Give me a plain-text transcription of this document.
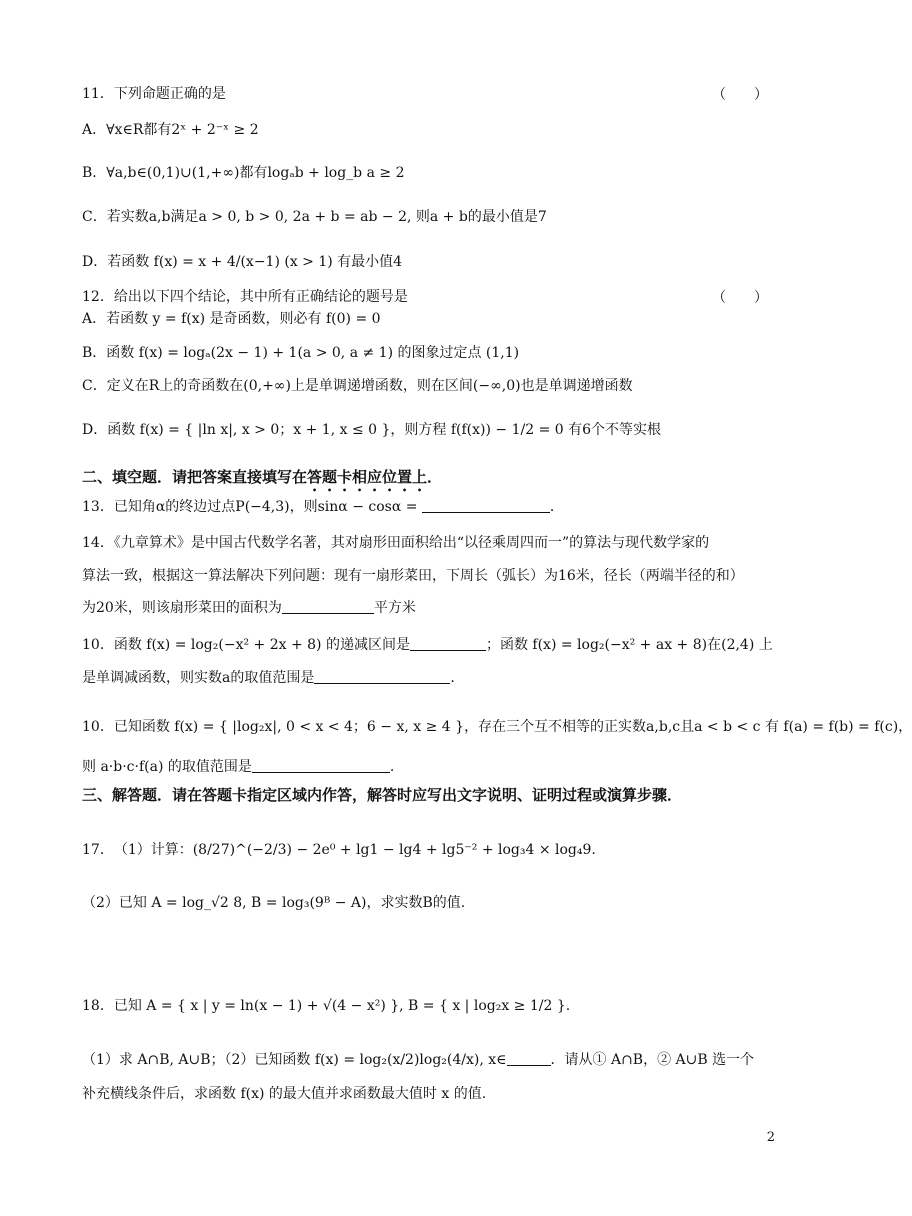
11．下列命题正确的是	（　　）
A．∀x∈R都有2ˣ + 2⁻ˣ ≥ 2
B．∀a,b∈(0,1)∪(1,+∞)都有logₐb + log_b a ≥ 2
C．若实数a,b满足a > 0, b > 0, 2a + b = ab − 2, 则a + b的最小值是7
D．若函数 f(x) = x + 4/(x−1) (x > 1) 有最小值4
12．给出以下四个结论，其中所有正确结论的题号是	（　　）
A．若函数 y = f(x) 是奇函数，则必有 f(0) = 0
B．函数 f(x) = logₐ(2x − 1) + 1(a > 0, a ≠ 1) 的图象过定点 (1,1)
C．定义在R上的奇函数在(0,+∞)上是单调递增函数，则在区间(−∞,0)也是单调递增函数
D．函数 f(x) = { |ln x|, x > 0；x + 1, x ≤ 0 }，则方程 f(f(x)) − 1/2 = 0 有6个不等实根
二、填空题．请把答案直接填写在答题卡相应位置上．
13．已知角α的终边过点P(−4,3)，则sinα − cosα =	．
14．《九章算术》是中国古代数学名著，其对扇形田面积给出“以径乘周四而一”的算法与现代数学家的
算法一致，根据这一算法解决下列问题：现有一扇形菜田，下周长（弧长）为16米，径长（两端半径的和）
为20米，则该扇形菜田的面积为	平方米
10．函数 f(x) = log₂(−x² + 2x + 8) 的递减区间是	；函数 f(x) = log₂(−x² + ax + 8)在(2,4) 上
是单调减函数，则实数a的取值范围是	.
10．已知函数 f(x) = { |log₂x|, 0 < x < 4；6 − x, x ≥ 4 }，存在三个互不相等的正实数a,b,c且a < b < c 有 f(a) = f(b) = f(c)，
则 a·b·c·f(a) 的取值范围是	.
三、解答题．请在答题卡指定区域内作答，解答时应写出文字说明、证明过程或演算步骤．
17．　（1）计算：(8/27)^(−2/3) − 2e⁰ + lg1 − lg4 + lg5⁻² + log₃4 × log₄9.
（2）已知 A = log_√2 8, B = log₃(9ᴮ − A)，求实数B的值.
18．已知 A = { x | y = ln(x − 1) + √(4 − x²) }, B = { x | log₂x ≥ 1/2 }.
（1）求 A∩B, A∪B；（2）已知函数 f(x) = log₂(x/2)log₂(4/x), x∈	．请从① A∩B，② A∪B 选一个
补充横线条件后，求函数 f(x) 的最大值并求函数最大值时 x 的值.
2
